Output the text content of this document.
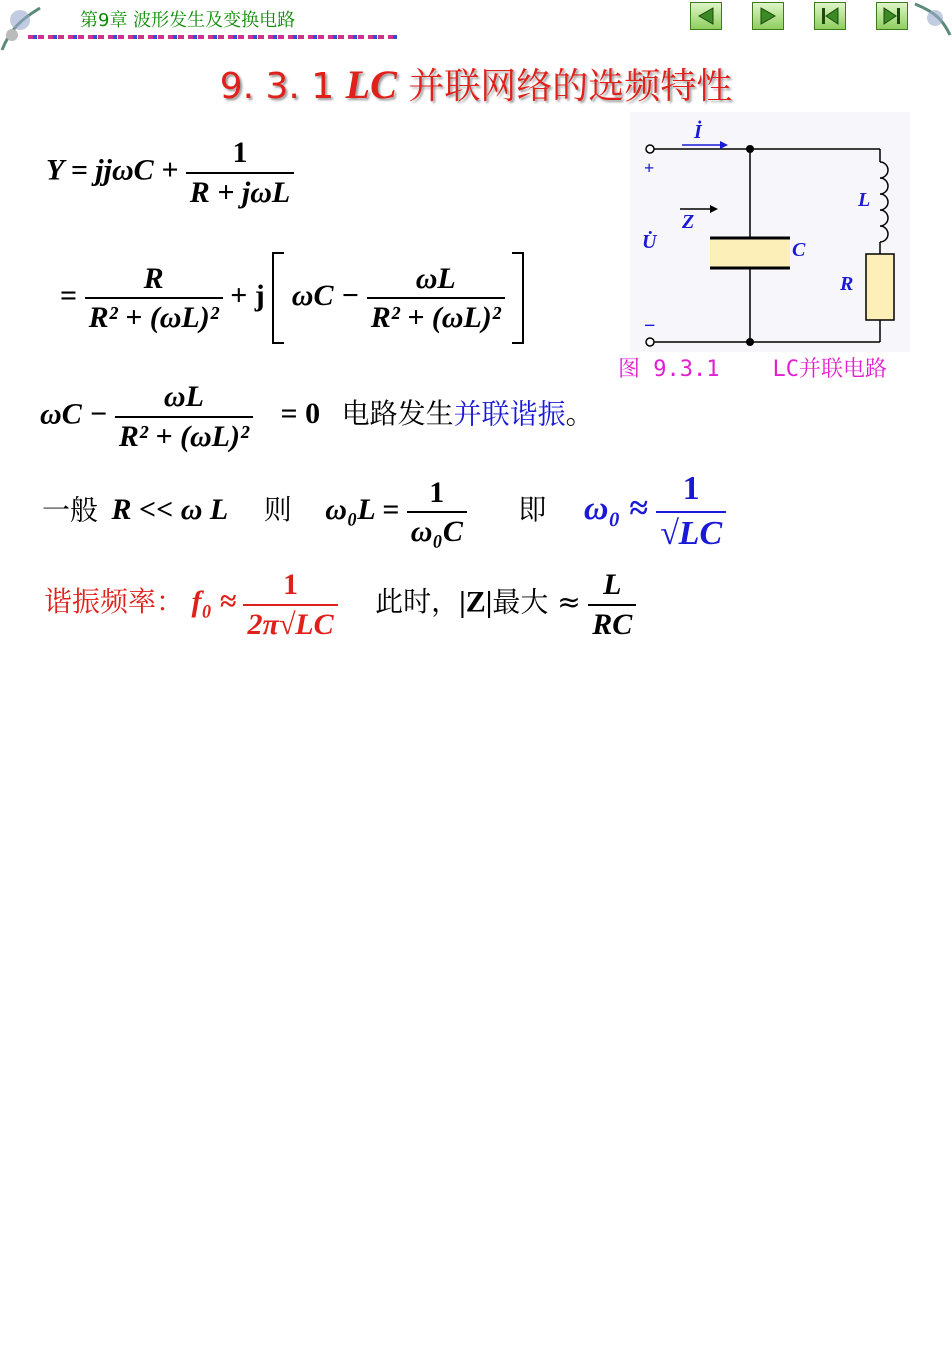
第9章 波形发生及变换电路
9. 3. 1 LC 并联网络的选频特性
$Y = jj\omega C + \frac{1}{\text{R + jωL}}$
= $\frac{R}{\text{R² + (ωL)²}} + j$ $\omega C - \frac{\omega L}{\text{R² + (ωL)²}}$

İ
+
Z
U̇
−
C
L
R
图 9.3.1    LC并联电路
$\omega C - \frac{\omega L}{\text{R² + (ωL)²}} = 0$ 电路发生并联谐振。
一般 R << ω L 则 $\omega_0L = \frac{1}{\text{ω₀C}}$ 即 $\omega_0 \approx \frac{1}{√LC}$
谐振频率： $f_0 \approx \frac{1}{2\pi√LC}$ 此时，|Z|最大 ≈ $\frac{L}{RC}$
